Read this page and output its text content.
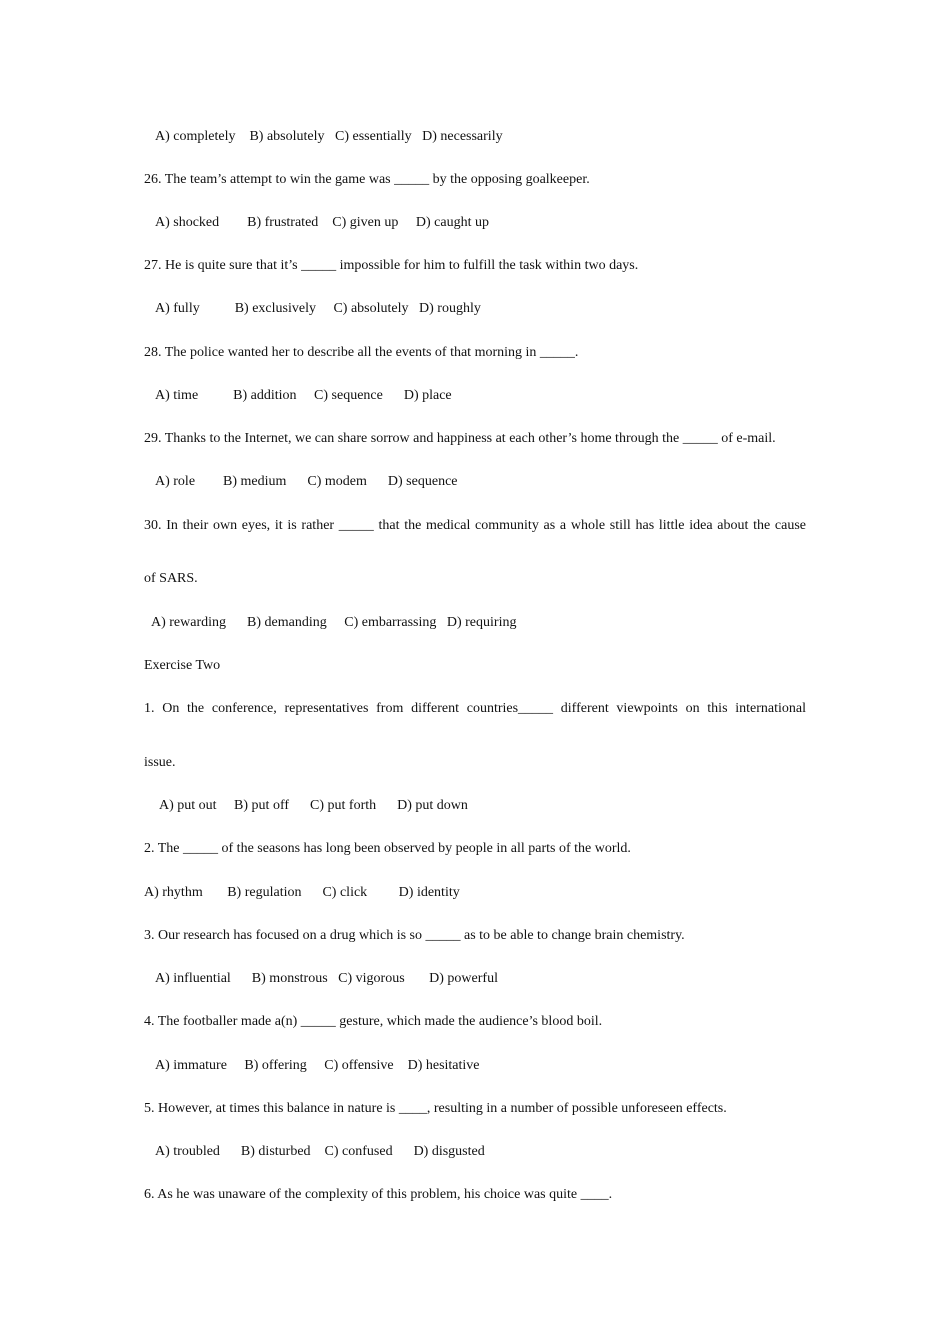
A) completely    B) absolutely   C) essentially   D) necessarily
26. The team’s attempt to win the game was _____ by the opposing goalkeeper.
A) shocked        B) frustrated    C) given up     D) caught up
27. He is quite sure that it’s _____ impossible for him to fulfill the task within two days.
A) fully          B) exclusively     C) absolutely   D) roughly
28. The police wanted her to describe all the events of that morning in _____.
A) time          B) addition     C) sequence      D) place
29. Thanks to the Internet, we can share sorrow and happiness at each other’s home through the _____ of e-mail.
A) role        B) medium      C) modem      D) sequence
30. In their own eyes, it is rather _____ that the medical community as a whole still has little idea about the cause
of SARS.
A) rewarding      B) demanding     C) embarrassing   D) requiring
Exercise Two
1. On the conference, representatives from different countries_____ different viewpoints on this international
issue.
A) put out     B) put off      C) put forth      D) put down
2. The _____ of the seasons has long been observed by people in all parts of the world.
A) rhythm       B) regulation      C) click         D) identity
3. Our research has focused on a drug which is so _____ as to be able to change brain chemistry.
A) influential      B) monstrous   C) vigorous       D) powerful
4. The footballer made a(n) _____ gesture, which made the audience’s blood boil.
A) immature     B) offering     C) offensive    D) hesitative
5. However, at times this balance in nature is ____, resulting in a number of possible unforeseen effects.
A) troubled      B) disturbed    C) confused      D) disgusted
6. As he was unaware of the complexity of this problem, his choice was quite ____.
